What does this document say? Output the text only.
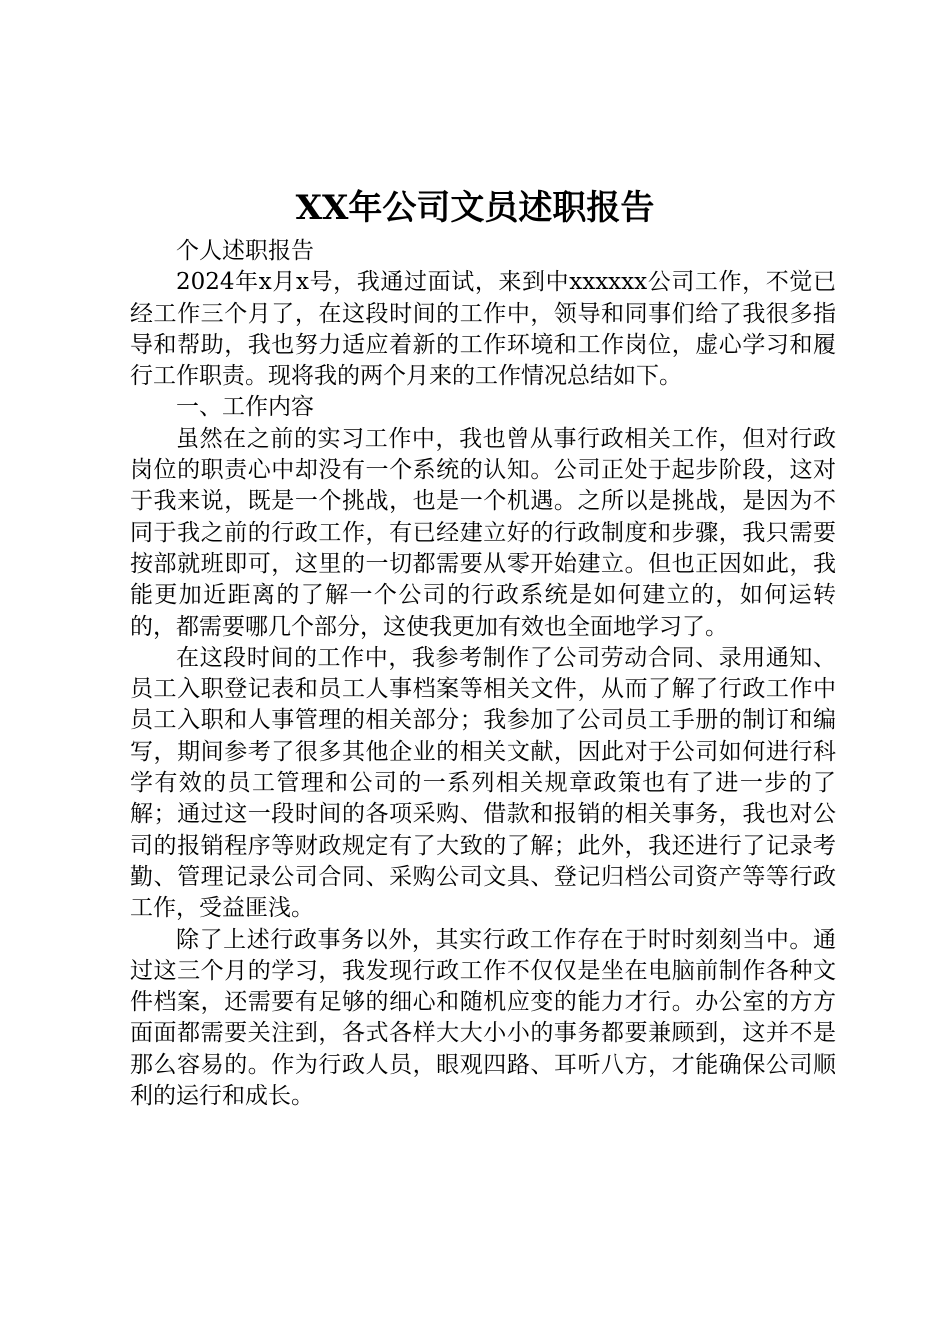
XX年公司文员述职报告

个人述职报告

2024年x月x号，我通过面试，来到中xxxxxx公司工作，不觉已经工作三个月了，在这段时间的工作中，领导和同事们给了我很多指导和帮助，我也努力适应着新的工作环境和工作岗位，虚心学习和履行工作职责。现将我的两个月来的工作情况总结如下。

一、工作内容

虽然在之前的实习工作中，我也曾从事行政相关工作，但对行政岗位的职责心中却没有一个系统的认知。公司正处于起步阶段，这对于我来说，既是一个挑战，也是一个机遇。之所以是挑战，是因为不同于我之前的行政工作，有已经建立好的行政制度和步骤，我只需要按部就班即可，这里的一切都需要从零开始建立。但也正因如此，我能更加近距离的了解一个公司的行政系统是如何建立的，如何运转的，都需要哪几个部分，这使我更加有效也全面地学习了。

在这段时间的工作中，我参考制作了公司劳动合同、录用通知、员工入职登记表和员工人事档案等相关文件，从而了解了行政工作中员工入职和人事管理的相关部分；我参加了公司员工手册的制订和编写，期间参考了很多其他企业的相关文献，因此对于公司如何进行科学有效的员工管理和公司的一系列相关规章政策也有了进一步的了解；通过这一段时间的各项采购、借款和报销的相关事务，我也对公司的报销程序等财政规定有了大致的了解；此外，我还进行了记录考勤、管理记录公司合同、采购公司文具、登记归档公司资产等等行政工作，受益匪浅。

除了上述行政事务以外，其实行政工作存在于时时刻刻当中。通过这三个月的学习，我发现行政工作不仅仅是坐在电脑前制作各种文件档案，还需要有足够的细心和随机应变的能力才行。办公室的方方面面都需要关注到，各式各样大大小小的事务都要兼顾到，这并不是那么容易的。作为行政人员，眼观四路、耳听八方，才能确保公司顺利的运行和成长。
